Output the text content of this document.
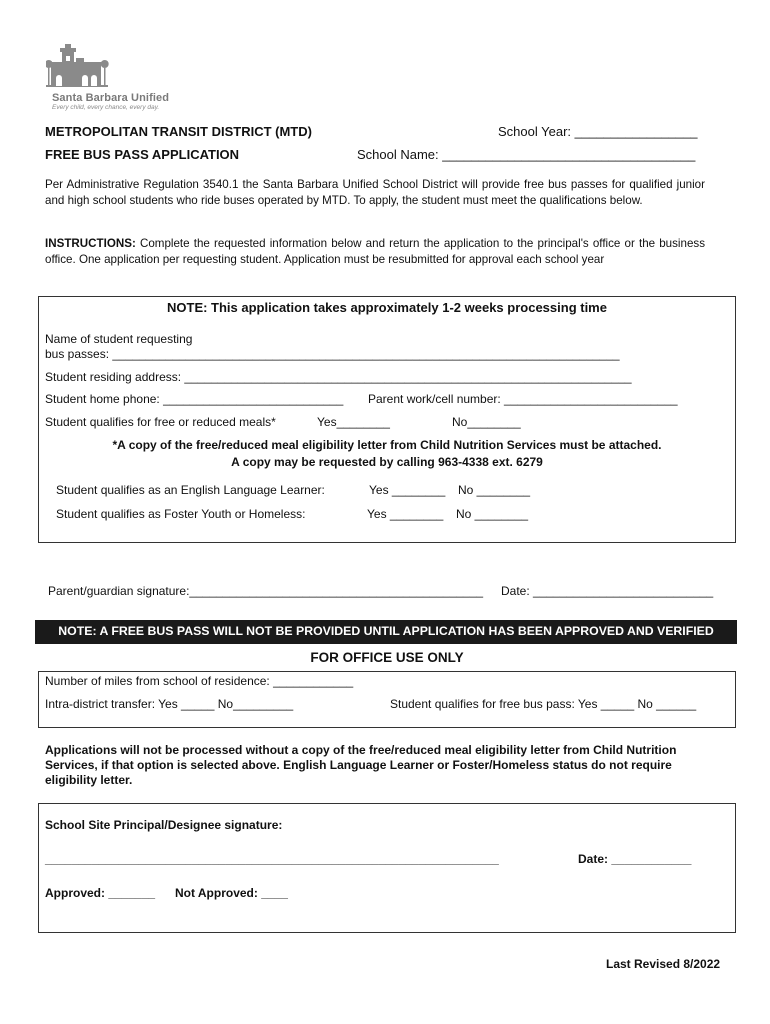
Santa Barbara Unified
Every child, every chance, every day.
METROPOLITAN TRANSIT DISTRICT (MTD)	School Year: _________________
FREE BUS PASS APPLICATION	School Name: ___________________________________
Per Administrative Regulation 3540.1 the Santa Barbara Unified School District will provide free bus passes for qualified junior and high school students who ride buses operated by MTD. To apply, the student must meet the qualifications below.
INSTRUCTIONS: Complete the requested information below and return the application to the principal's office or the business office. One application per requesting student. Application must be resubmitted for approval each school year
NOTE: This application takes approximately 1-2 weeks processing time
Name of student requesting
bus passes: ____________________________________________________________________________
Student residing address: ___________________________________________________________________
Student home phone: ___________________________ Parent work/cell number: __________________________
Student qualifies for free or reduced meals*	Yes________	No________
*A copy of the free/reduced meal eligibility letter from Child Nutrition Services must be attached.
A copy may be requested by calling 963-4338 ext. 6279
Student qualifies as an English Language Learner:	Yes ________ No ________
Student qualifies as Foster Youth or Homeless:	Yes ________ No ________
Parent/guardian signature:____________________________________________ Date: ___________________________
NOTE: A FREE BUS PASS WILL NOT BE PROVIDED UNTIL APPLICATION HAS BEEN APPROVED AND VERIFIED
FOR OFFICE USE ONLY
Number of miles from school of residence: ____________
Intra-district transfer: Yes _____ No_________	Student qualifies for free bus pass: Yes _____ No ______
Applications will not be processed without a copy of the free/reduced meal eligibility letter from Child Nutrition Services, if that option is selected above. English Language Learner or Foster/Homeless status do not require eligibility letter.
School Site Principal/Designee signature:
____________________________________________________________________	Date: ____________
Approved: _______ Not Approved: ____
Last Revised 8/2022
